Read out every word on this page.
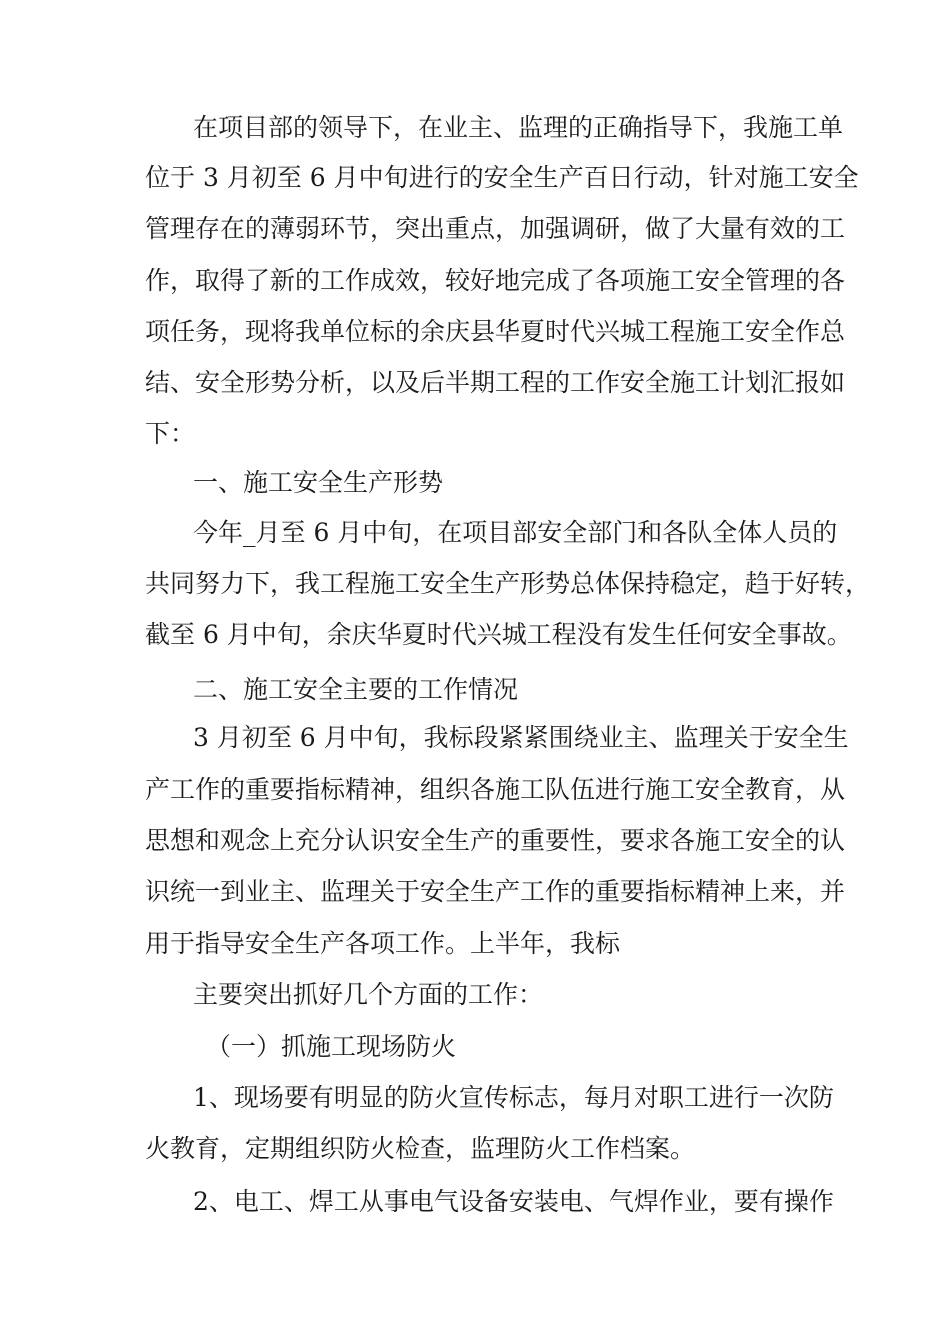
在项目部的领导下，在业主、监理的正确指导下，我施工单
位于 3 月初至 6 月中旬进行的安全生产百日行动，针对施工安全
管理存在的薄弱环节，突出重点，加强调研，做了大量有效的工
作，取得了新的工作成效，较好地完成了各项施工安全管理的各
项任务，现将我单位标的余庆县华夏时代兴城工程施工安全作总
结、安全形势分析，以及后半期工程的工作安全施工计划汇报如
下：
一、施工安全生产形势
今年_月至 6 月中旬，在项目部安全部门和各队全体人员的
共同努力下，我工程施工安全生产形势总体保持稳定，趋于好转，
截至 6 月中旬，余庆华夏时代兴城工程没有发生任何安全事故。
二、施工安全主要的工作情况
3 月初至 6 月中旬，我标段紧紧围绕业主、监理关于安全生
产工作的重要指标精神，组织各施工队伍进行施工安全教育，从
思想和观念上充分认识安全生产的重要性，要求各施工安全的认
识统一到业主、监理关于安全生产工作的重要指标精神上来，并
用于指导安全生产各项工作。上半年，我标
主要突出抓好几个方面的工作：
（一）抓施工现场防火
1、现场要有明显的防火宣传标志，每月对职工进行一次防
火教育，定期组织防火检查，监理防火工作档案。
2、电工、焊工从事电气设备安装电、气焊作业，要有操作
